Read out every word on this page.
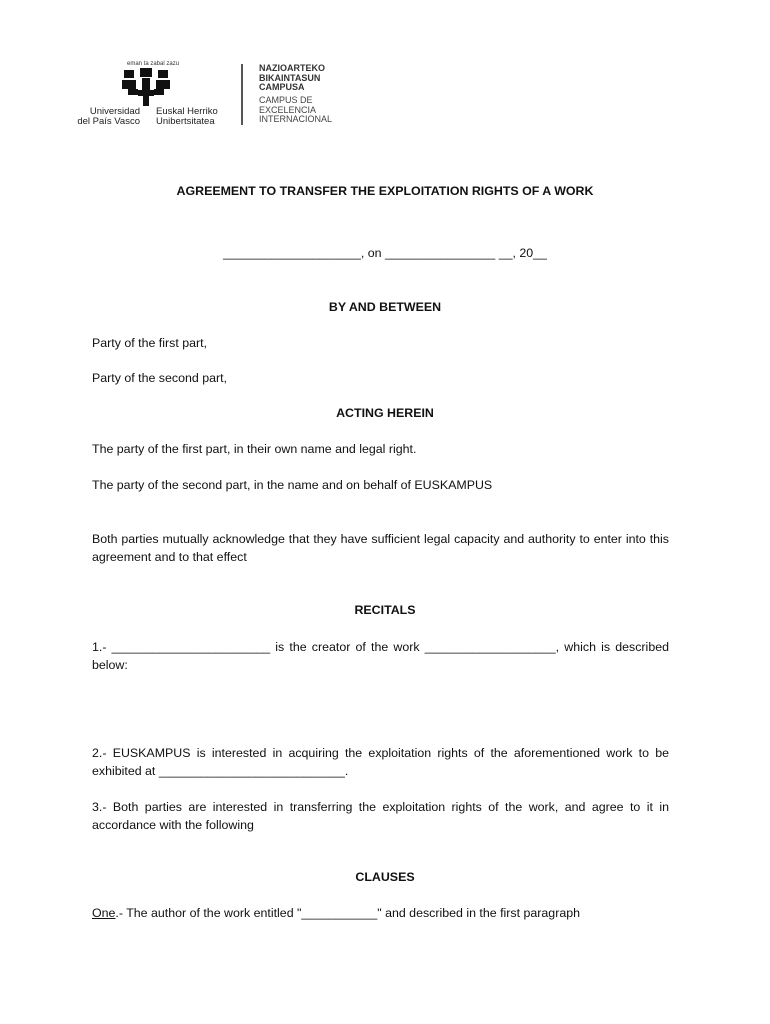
eman ta zabal zazu
Universidad
del País Vasco
Euskal Herriko
Unibertsitatea
NAZIOARTEKO
BIKAINTASUN
CAMPUSA
CAMPUS DE
EXCELENCIA
INTERNACIONAL
AGREEMENT TO TRANSFER THE EXPLOITATION RIGHTS OF A WORK
____________________, on ________________ __, 20__
BY AND BETWEEN
Party of the first part,
Party of the second part,
ACTING HEREIN
The party of the first part, in their own name and legal right.
The party of the second part, in the name and on behalf of EUSKAMPUS
Both parties mutually acknowledge that they have sufficient legal capacity and authority to enter into this agreement and to that effect
RECITALS
1.- _______________________ is the creator of the work ___________________, which is described below:
2.- EUSKAMPUS is interested in acquiring the exploitation rights of the aforementioned work to be exhibited at ___________________________.
3.- Both parties are interested in transferring the exploitation rights of the work, and agree to it in accordance with the following
CLAUSES
One.- The author of the work entitled "___________" and described in the first paragraph
